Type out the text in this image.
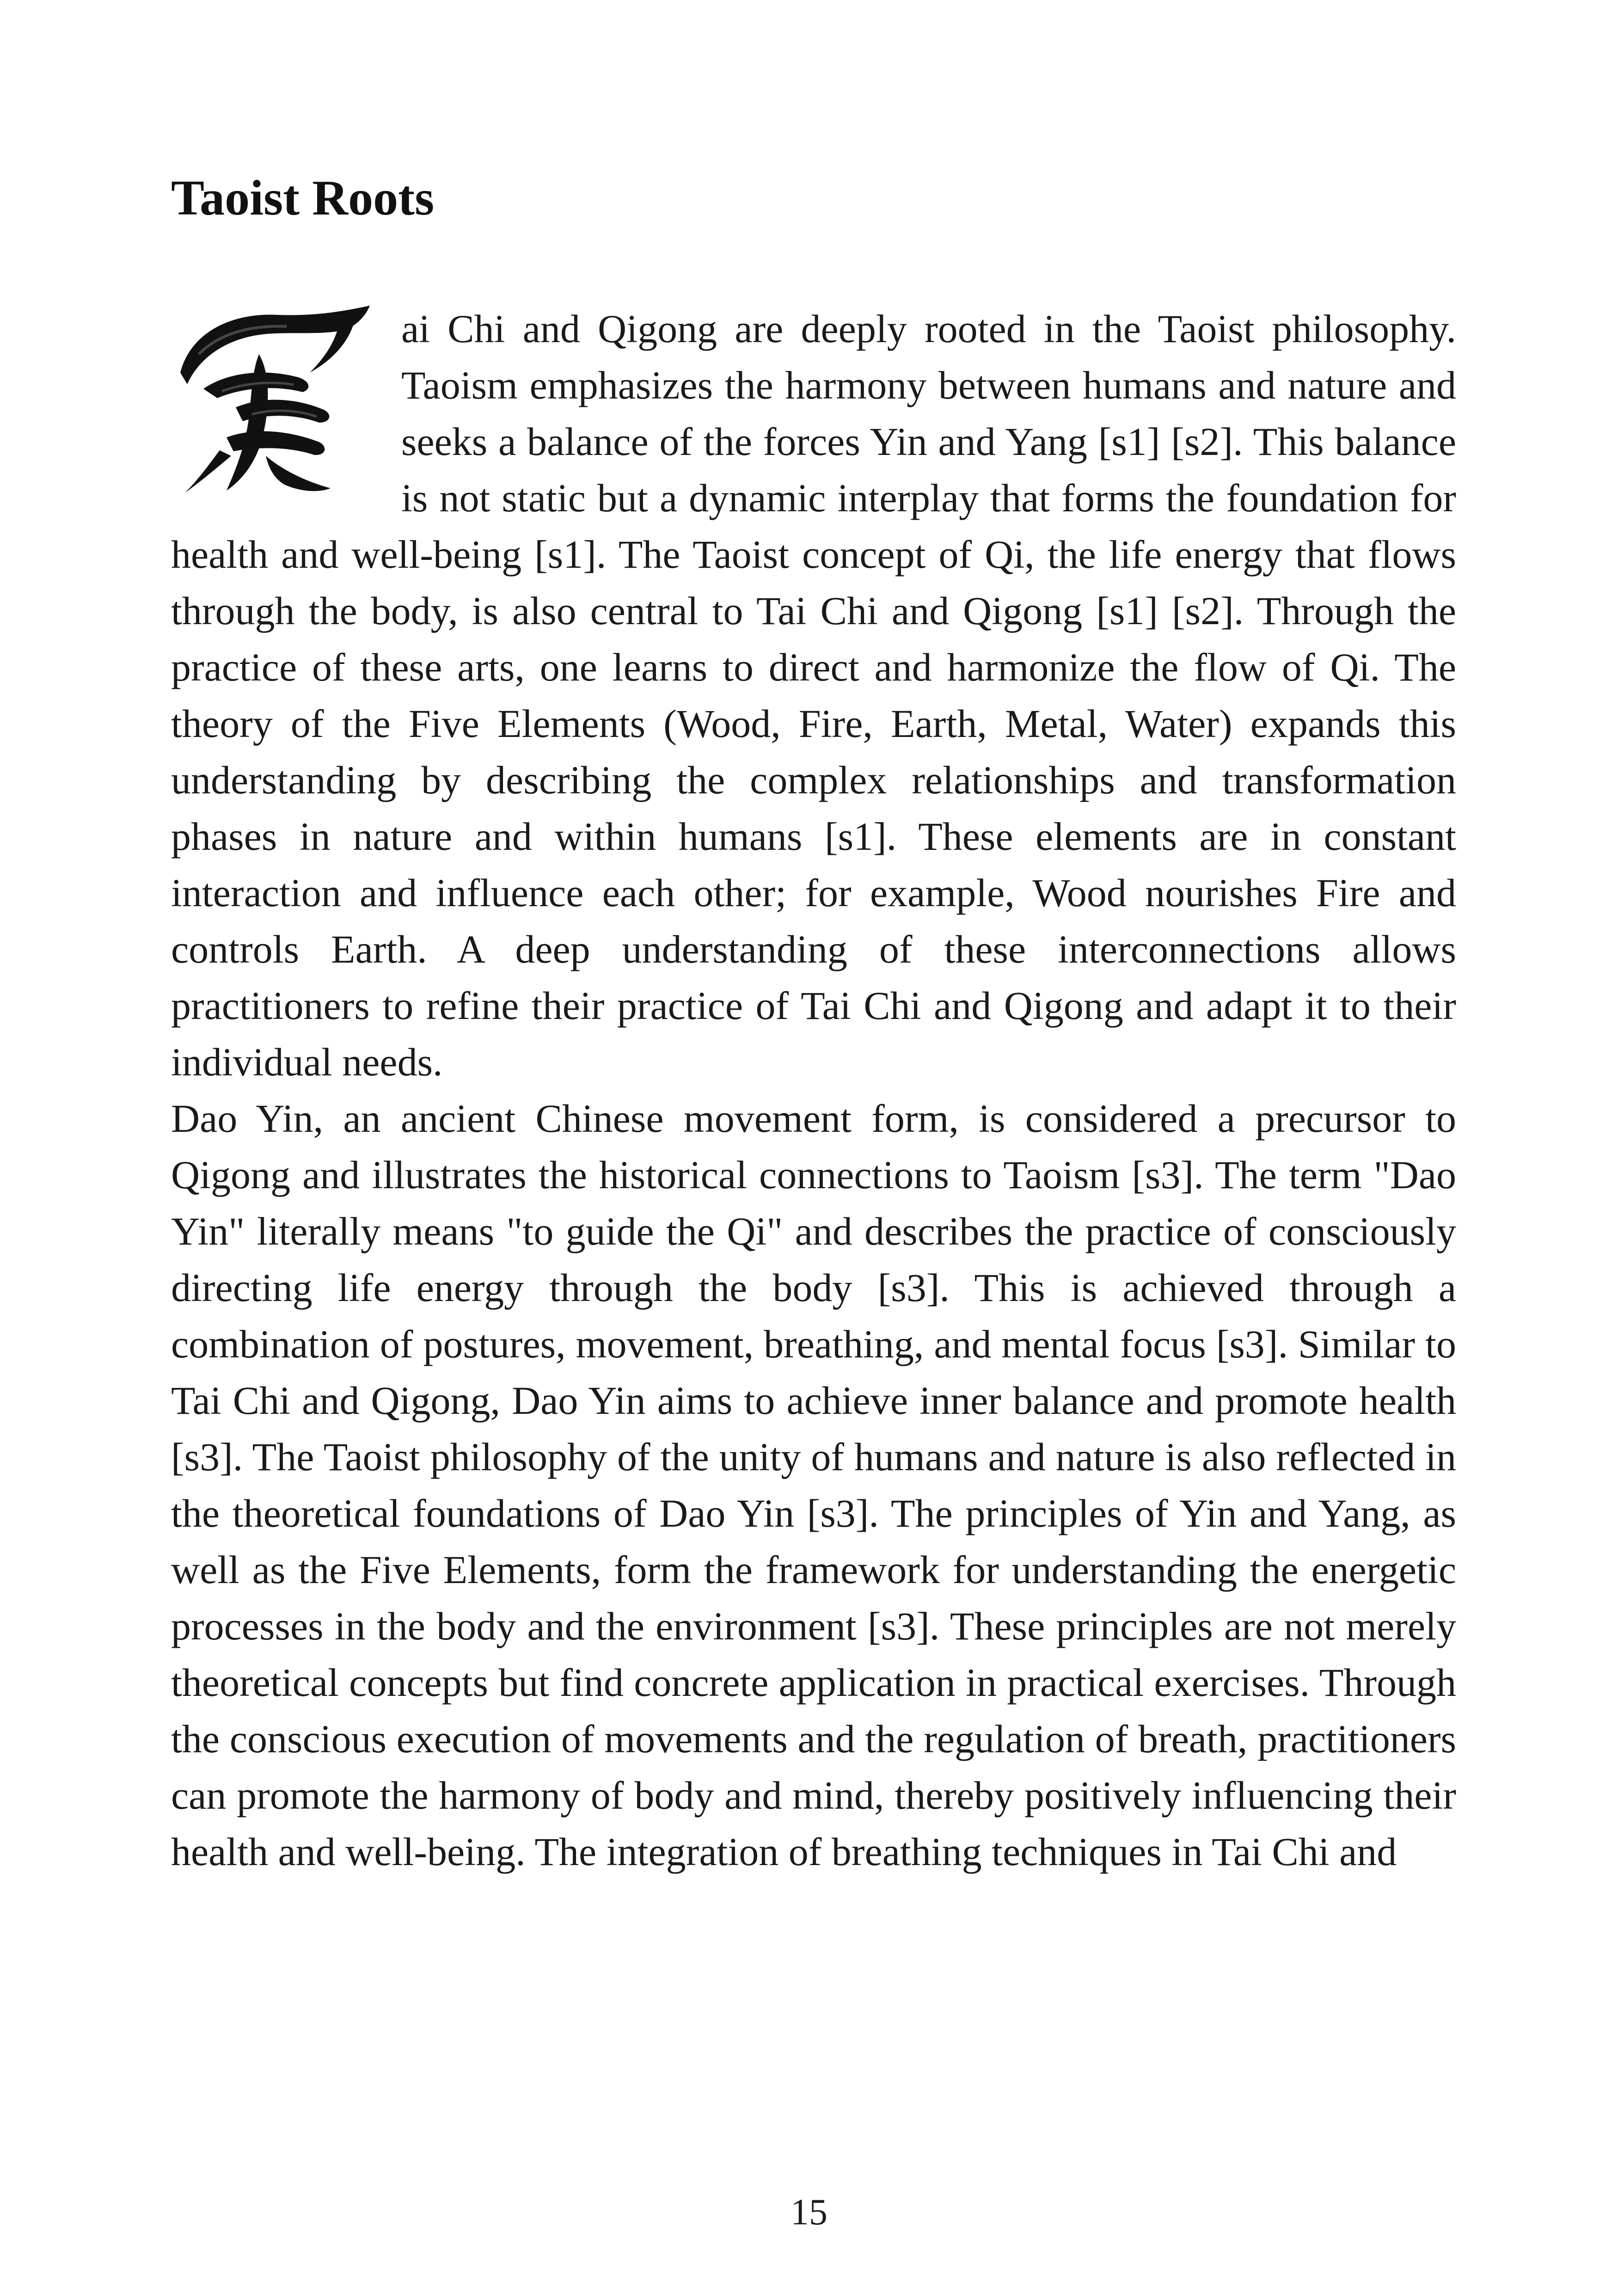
Taoist Roots

ai Chi and Qigong are deeply rooted in the Taoist philosophy. Taoism emphasizes the harmony between humans and nature and seeks a balance of the forces Yin and Yang [s1] [s2]. This balance is not static but a dynamic interplay that forms the foundation for health and well-being [s1]. The Taoist concept of Qi, the life energy that flows through the body, is also central to Tai Chi and Qigong [s1] [s2]. Through the practice of these arts, one learns to direct and harmonize the flow of Qi. The theory of the Five Elements (Wood, Fire, Earth, Metal, Water) expands this understanding by describing the complex relationships and transformation phases in nature and within humans [s1]. These elements are in constant interaction and influence each other; for example, Wood nourishes Fire and controls Earth. A deep understanding of these interconnections allows practitioners to refine their practice of Tai Chi and Qigong and adapt it to their individual needs.

Dao Yin, an ancient Chinese movement form, is considered a precursor to Qigong and illustrates the historical connections to Taoism [s3]. The term "Dao Yin" literally means "to guide the Qi" and describes the practice of consciously directing life energy through the body [s3]. This is achieved through a combination of postures, movement, breathing, and mental focus [s3]. Similar to Tai Chi and Qigong, Dao Yin aims to achieve inner balance and promote health [s3]. The Taoist philosophy of the unity of humans and nature is also reflected in the theoretical foundations of Dao Yin [s3]. The principles of Yin and Yang, as well as the Five Elements, form the framework for understanding the energetic processes in the body and the environment [s3]. These principles are not merely theoretical concepts but find concrete application in practical exercises. Through the conscious execution of movements and the regulation of breath, practitioners can promote the harmony of body and mind, thereby positively influencing their health and well-being. The integration of breathing techniques in Tai Chi and

15
